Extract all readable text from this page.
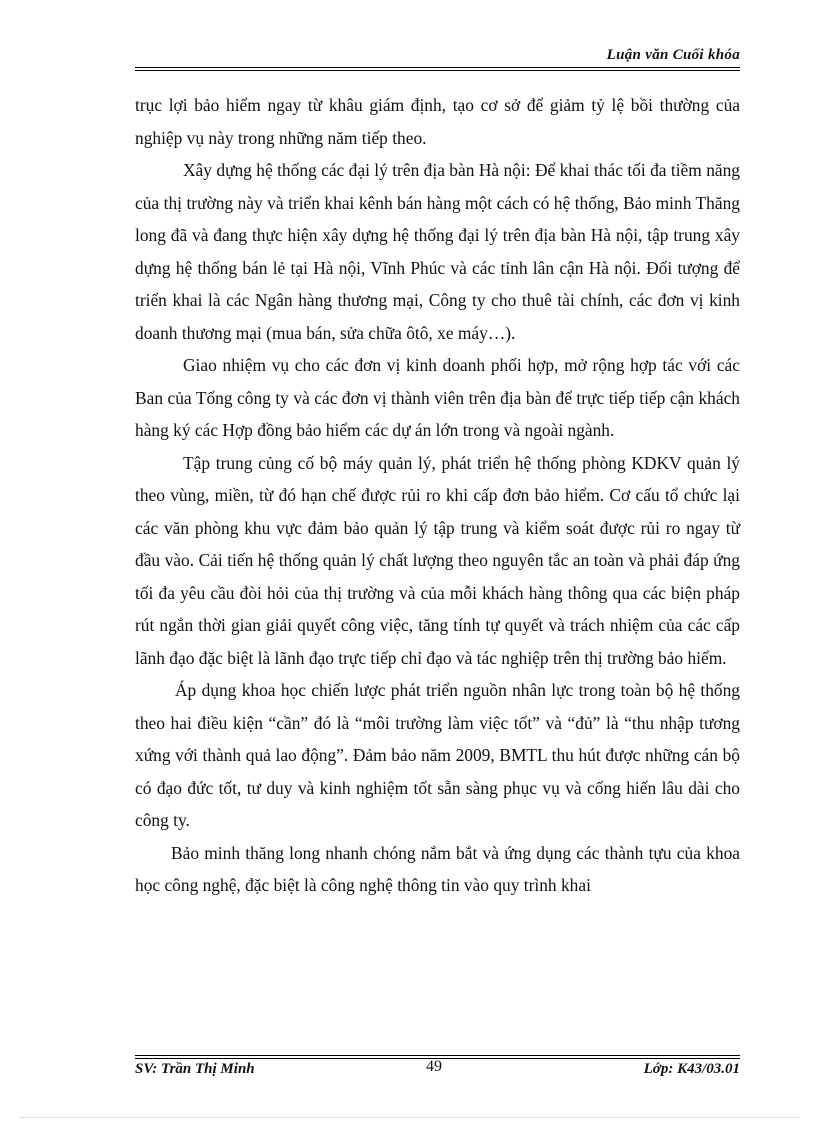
Luận văn Cuối khóa

trục lợi bảo hiểm ngay từ khâu giám định, tạo cơ sở để giảm tỷ lệ bồi thường của nghiệp vụ này trong những năm tiếp theo.

Xây dựng hệ thống các đại lý trên địa bàn Hà nội: Để khai thác tối đa tiềm năng của thị trường này và triển khai kênh bán hàng một cách có hệ thống, Bảo minh Thăng long đã và đang thực hiện xây dựng hệ thống đại lý trên địa bàn Hà nội, tập trung xây dựng hệ thống bán lẻ tại Hà nội, Vĩnh Phúc và các tỉnh lân cận Hà nội. Đối tượng để triển khai là các Ngân hàng thương mại, Công ty cho thuê tài chính, các đơn vị kinh doanh thương mại (mua bán, sửa chữa ôtô, xe máy…).

Giao nhiệm vụ cho các đơn vị kinh doanh phối hợp, mở rộng hợp tác với các Ban của Tổng công ty và các đơn vị thành viên trên địa bàn để trực tiếp tiếp cận khách hàng ký các Hợp đồng bảo hiểm các dự án lớn trong và ngoài ngành.

Tập trung củng cố bộ máy quản lý, phát triển hệ thống phòng KDKV quản lý theo vùng, miền, từ đó hạn chế được rủi ro khi cấp đơn bảo hiểm. Cơ cấu tổ chức lại các văn phòng khu vực đảm bảo quản lý tập trung và kiểm soát được rủi ro ngay từ đầu vào. Cải tiến hệ thống quản lý chất lượng theo nguyên tắc an toàn và phải đáp ứng tối đa yêu cầu đòi hỏi của thị trường và của mỗi khách hàng thông qua các biện pháp rút ngắn thời gian giải quyết công việc, tăng tính tự quyết và trách nhiệm của các cấp lãnh đạo đặc biệt là lãnh đạo trực tiếp chỉ đạo và tác nghiệp trên thị trường bảo hiểm.

Áp dụng khoa học chiến lược phát triển nguồn nhân lực trong toàn bộ hệ thống theo hai điều kiện “cần” đó là “môi trường làm việc tốt” và “đủ” là “thu nhập tương xứng với thành quả lao động”. Đảm bảo năm 2009, BMTL thu hút được những cán bộ có đạo đức tốt, tư duy và kinh nghiệm tốt sẵn sàng phục vụ và cống hiến lâu dài cho công ty.

Bảo minh thăng long nhanh chóng nắm bắt và ứng dụng các thành tựu của khoa học công nghệ, đặc biệt là công nghệ thông tin vào quy trình khai

SV: Trần Thị Minh	49	Lớp: K43/03.01
